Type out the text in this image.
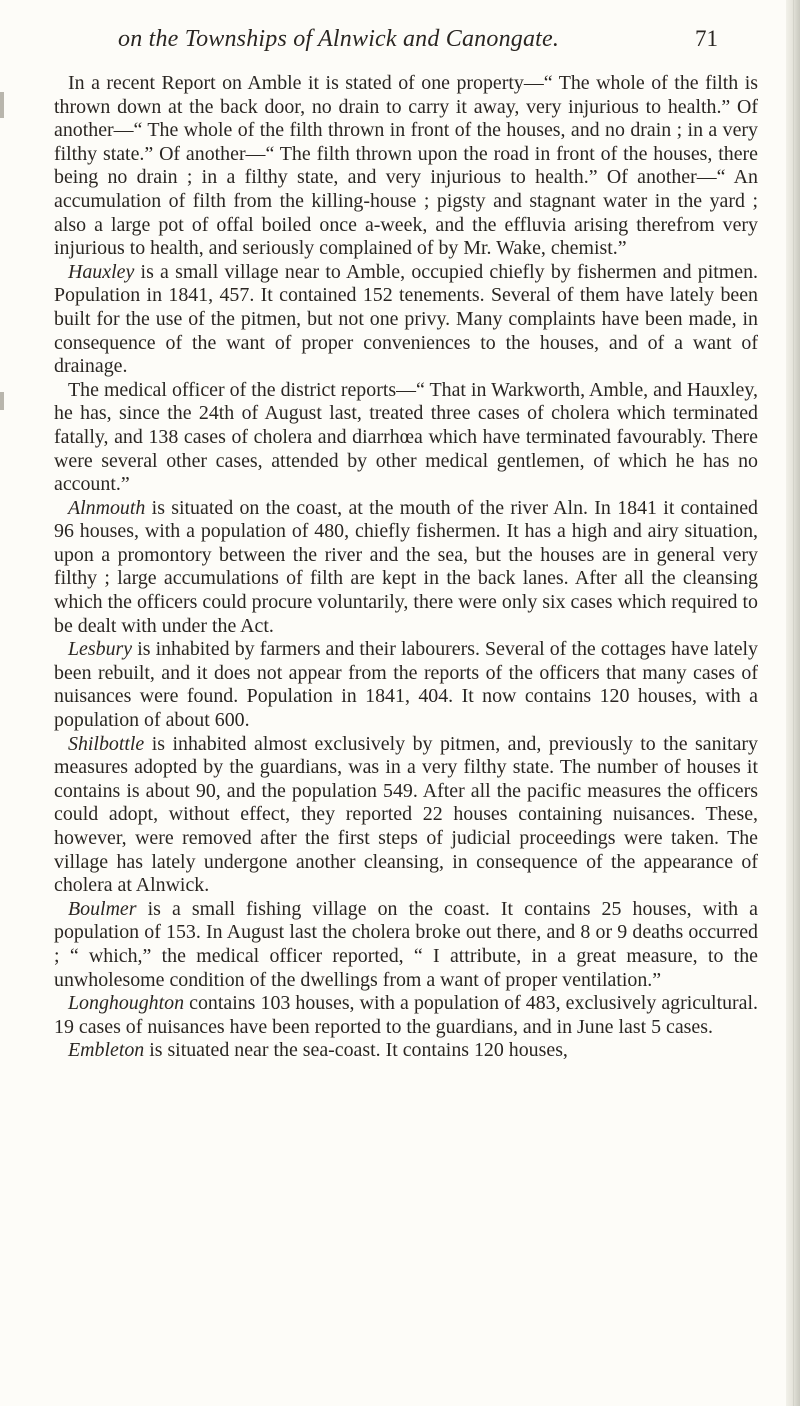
on the Townships of Alnwick and Canongate.	71

In a recent Report on Amble it is stated of one property—“ The whole of the filth is thrown down at the back door, no drain to carry it away, very injurious to health.” Of another—“ The whole of the filth thrown in front of the houses, and no drain ; in a very filthy state.” Of another—“ The filth thrown upon the road in front of the houses, there being no drain ; in a filthy state, and very injurious to health.” Of another—“ An accumulation of filth from the killing-house ; pigsty and stagnant water in the yard ; also a large pot of offal boiled once a-week, and the effluvia arising therefrom very injurious to health, and seriously complained of by Mr. Wake, chemist.”

Hauxley is a small village near to Amble, occupied chiefly by fishermen and pitmen. Population in 1841, 457. It contained 152 tenements. Several of them have lately been built for the use of the pitmen, but not one privy. Many complaints have been made, in consequence of the want of proper conveniences to the houses, and of a want of drainage.

The medical officer of the district reports—“ That in Warkworth, Amble, and Hauxley, he has, since the 24th of August last, treated three cases of cholera which terminated fatally, and 138 cases of cholera and diarrhœa which have terminated favourably. There were several other cases, attended by other medical gentlemen, of which he has no account.”

Alnmouth is situated on the coast, at the mouth of the river Aln. In 1841 it contained 96 houses, with a population of 480, chiefly fishermen. It has a high and airy situation, upon a promontory between the river and the sea, but the houses are in general very filthy ; large accumulations of filth are kept in the back lanes. After all the cleansing which the officers could procure voluntarily, there were only six cases which required to be dealt with under the Act.

Lesbury is inhabited by farmers and their labourers. Several of the cottages have lately been rebuilt, and it does not appear from the reports of the officers that many cases of nuisances were found. Population in 1841, 404. It now contains 120 houses, with a population of about 600.

Shilbottle is inhabited almost exclusively by pitmen, and, previously to the sanitary measures adopted by the guardians, was in a very filthy state. The number of houses it contains is about 90, and the population 549. After all the pacific measures the officers could adopt, without effect, they reported 22 houses containing nuisances. These, however, were removed after the first steps of judicial proceedings were taken. The village has lately undergone another cleansing, in consequence of the appearance of cholera at Alnwick.

Boulmer is a small fishing village on the coast. It contains 25 houses, with a population of 153. In August last the cholera broke out there, and 8 or 9 deaths occurred ; “ which,” the medical officer reported, “ I attribute, in a great measure, to the unwholesome condition of the dwellings from a want of proper ventilation.”

Longhoughton contains 103 houses, with a population of 483, exclusively agricultural. 19 cases of nuisances have been reported to the guardians, and in June last 5 cases.

Embleton is situated near the sea-coast. It contains 120 houses,
